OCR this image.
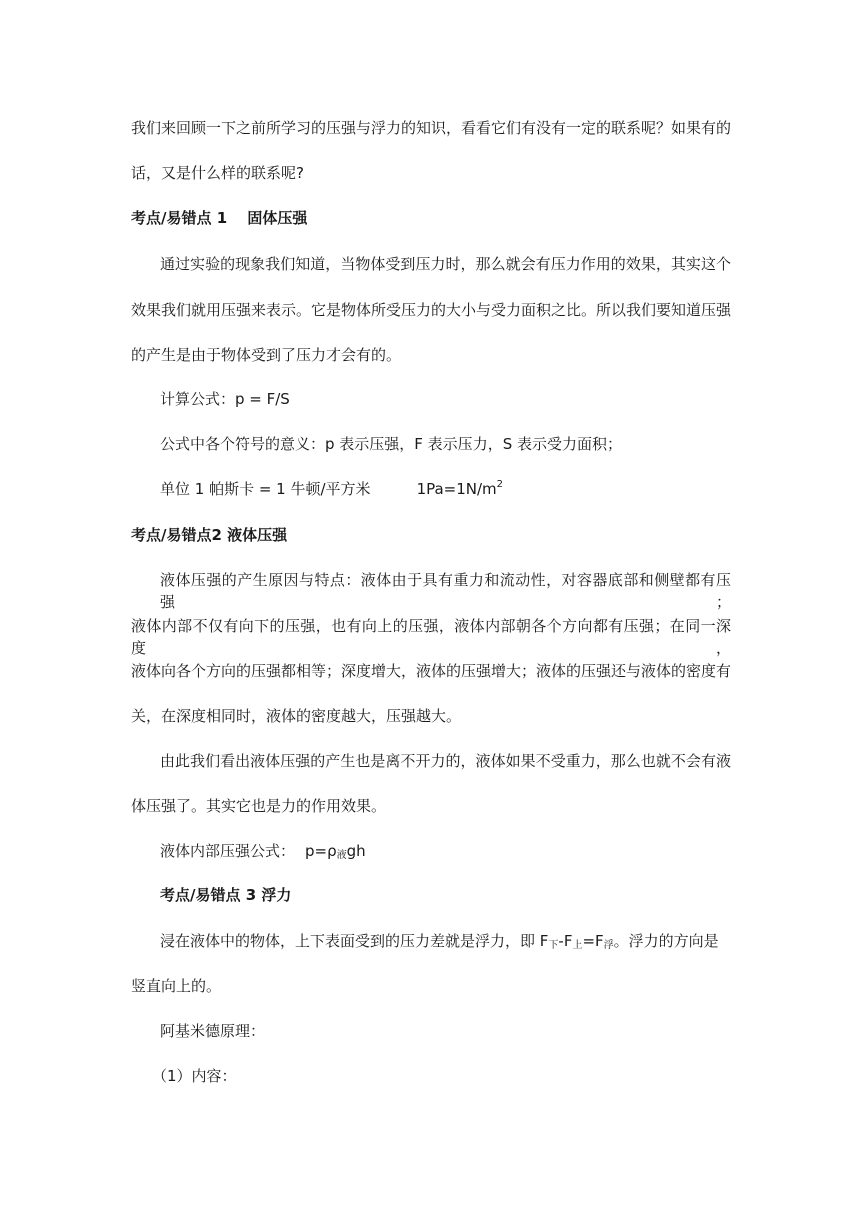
我们来回顾一下之前所学习的压强与浮力的知识，看看它们有没有一定的联系呢？如果有的
话，又是什么样的联系呢?
考点/易错点 1　 固体压强
通过实验的现象我们知道，当物体受到压力时，那么就会有压力作用的效果，其实这个
效果我们就用压强来表示。它是物体所受压力的大小与受力面积之比。所以我们要知道压强
的产生是由于物体受到了压力才会有的。
计算公式：p = F/S
公式中各个符号的意义：p 表示压强，F 表示压力，S 表示受力面积；
单位 1 帕斯卡 = 1 牛顿/平方米	$1Pa=1N/m^2$
考点/易错点2 液体压强
液体压强的产生原因与特点：液体由于具有重力和流动性，对容器底部和侧壁都有压强；
液体内部不仅有向下的压强，也有向上的压强，液体内部朝各个方向都有压强；在同一深度，
液体向各个方向的压强都相等；深度增大，液体的压强增大；液体的压强还与液体的密度有
关，在深度相同时，液体的密度越大，压强越大。
由此我们看出液体压强的产生也是离不开力的，液体如果不受重力，那么也就不会有液
体压强了。其实它也是力的作用效果。
液体内部压强公式： $p=\rho_液gh$
考点/易错点 3 浮力
浸在液体中的物体，上下表面受到的压力差就是浮力，即 $F_下-F_上=F_浮$。浮力的方向是
竖直向上的。
阿基米德原理：
（1）内容：
